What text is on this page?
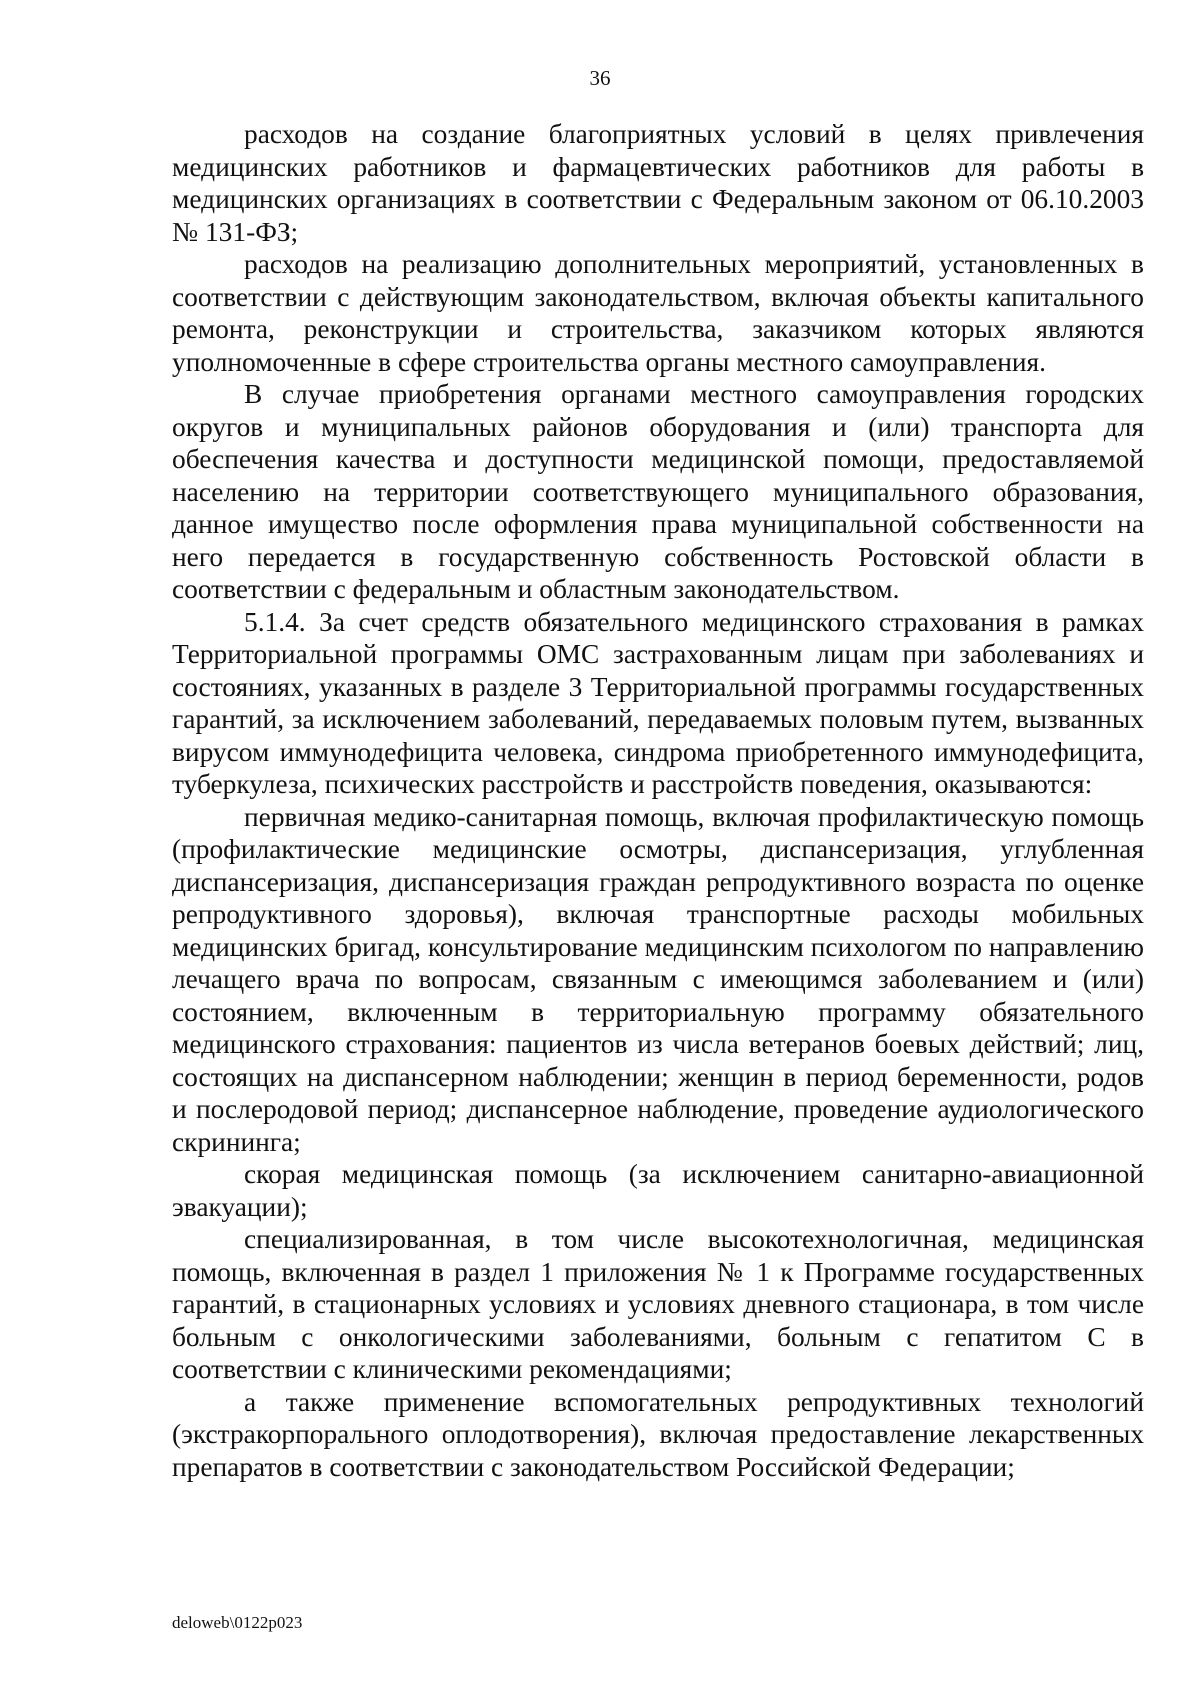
36

расходов на создание благоприятных условий в целях привлечения медицинских работников и фармацевтических работников для работы в медицинских организациях в соответствии с Федеральным законом от 06.10.2003 № 131-ФЗ;

расходов на реализацию дополнительных мероприятий, установленных в соответствии с действующим законодательством, включая объекты капитального ремонта, реконструкции и строительства, заказчиком которых являются уполномоченные в сфере строительства органы местного самоуправления.

В случае приобретения органами местного самоуправления городских округов и муниципальных районов оборудования и (или) транспорта для обеспечения качества и доступности медицинской помощи, предоставляемой населению на территории соответствующего муниципального образования, данное имущество после оформления права муниципальной собственности на него передается в государственную собственность Ростовской области в соответствии с федеральным и областным законодательством.

5.1.4. За счет средств обязательного медицинского страхования в рамках Территориальной программы ОМС застрахованным лицам при заболеваниях и состояниях, указанных в разделе 3 Территориальной программы государственных гарантий, за исключением заболеваний, передаваемых половым путем, вызванных вирусом иммунодефицита человека, синдрома приобретенного иммунодефицита, туберкулеза, психических расстройств и расстройств поведения, оказываются:

первичная медико-санитарная помощь, включая профилактическую помощь (профилактические медицинские осмотры, диспансеризация, углубленная диспансеризация, диспансеризация граждан репродуктивного возраста по оценке репродуктивного здоровья), включая транспортные расходы мобильных медицинских бригад, консультирование медицинским психологом по направлению лечащего врача по вопросам, связанным с имеющимся заболеванием и (или) состоянием, включенным в территориальную программу обязательного медицинского страхования: пациентов из числа ветеранов боевых действий; лиц, состоящих на диспансерном наблюдении; женщин в период беременности, родов и послеродовой период; диспансерное наблюдение, проведение аудиологического скрининга;

скорая медицинская помощь (за исключением санитарно-авиационной эвакуации);

специализированная, в том числе высокотехнологичная, медицинская помощь, включенная в раздел 1 приложения № 1 к Программе государственных гарантий, в стационарных условиях и условиях дневного стационара, в том числе больным с онкологическими заболеваниями, больным с гепатитом С в соответствии с клиническими рекомендациями;

а также применение вспомогательных репродуктивных технологий (экстракорпорального оплодотворения), включая предоставление лекарственных препаратов в соответствии с законодательством Российской Федерации;

deloweb\0122p023
